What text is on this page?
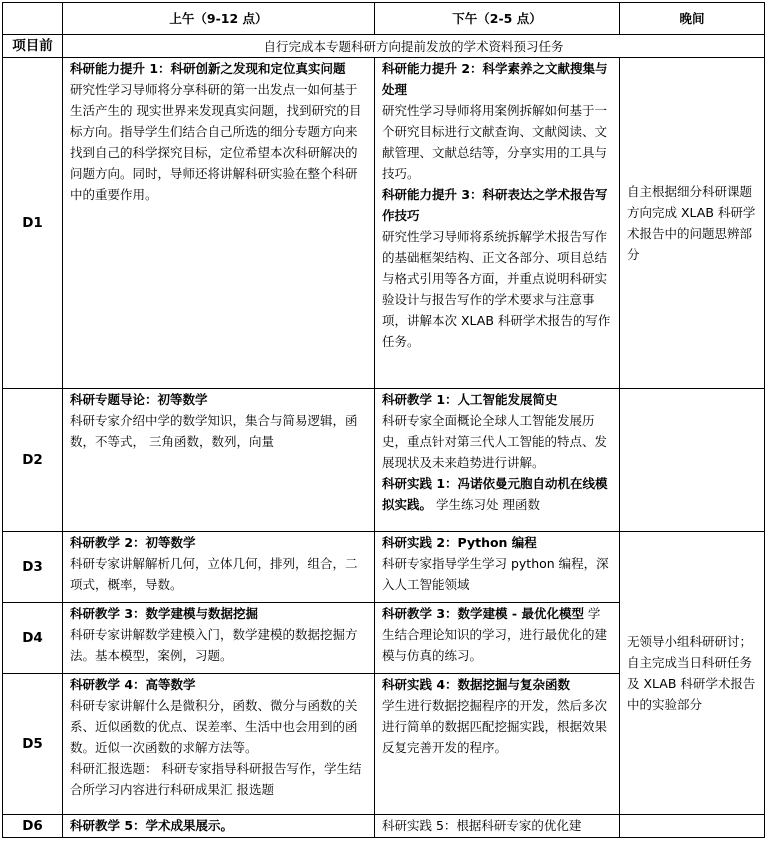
	上午（9-12 点）	下午（2-5 点）	晚间
项目前	自行完成本专题科研方向提前发放的学术资料预习任务		
D1	科研能力提升 1：科研创新之发现和定位真实问题
研究性学习导师将分享科研的第一出发点一如何基于生活产生的 现实世界来发现真实问题，找到研究的目标方向。指导学生们结合自己所选的细分专题方向来找到自己的科学探究目标，定位希望本次科研解决的问题方向。同时，导师还将讲解科研实验在整个科研中的重要作用。	科研能力提升 2：科学素养之文献搜集与处理
研究性学习导师将用案例拆解如何基于一个研究目标进行文献查询、文献阅读、文献管理、文献总结等，分享实用的工具与技巧。
科研能力提升 3：科研表达之学术报告写作技巧
研究性学习导师将系统拆解学术报告写作的基础框架结构、正文各部分、项目总结与格式引用等各方面，并重点说明科研实验设计与报告写作的学术要求与注意事项，讲解本次 XLAB 科研学术报告的写作任务。	自主根据细分科研课题方向完成 XLAB 科研学术报告中的问题思辨部分
D2	科研专题导论：初等数学
科研专家介绍中学的数学知识，集合与简易逻辑，函数，不等式， 三角函数，数列，向量	科研教学 1：人工智能发展简史
科研专家全面概论全球人工智能发展历史，重点针对第三代人工智能的特点、发展现状及未来趋势进行讲解。
科研实践 1：冯诺依曼元胞自动机在线模拟实践。 学生练习处 理函数	

D3	科研教学 2：初等数学
科研专家讲解解析几何，立体几何，排列，组合，二项式，概率，导数。	科研实践 2：Python 编程
科研专家指导学生学习 python 编程，深入人工智能领域	无领导小组科研研讨；自主完成当日科研任务及 XLAB 科研学术报告中的实验部分
D4	科研教学 3：数学建模与数据挖掘
科研专家讲解数学建模入门，数学建模的数据挖掘方法。基本模型，案例，习题。	科研教学 3：数学建模 - 最优化模型 学生结合理论知识的学习，进行最优化的建模与仿真的练习。	

D5	科研教学 4：高等数学
科研专家讲解什么是微积分，函数、微分与函数的关系、近似函数的优点、误差率、生活中也会用到的函数。近似一次函数的求解方法等。
科研汇报选题： 科研专家指导科研报告写作，学生结合所学习内容进行科研成果汇 报选题	科研实践 4：数据挖掘与复杂函数
学生进行数据挖掘程序的开发，然后多次进行简单的数据匹配挖掘实践，根据效果反复完善开发的程序。	

D6	科研教学 5：学术成果展示。	科研实践 5：根据科研专家的优化建	
